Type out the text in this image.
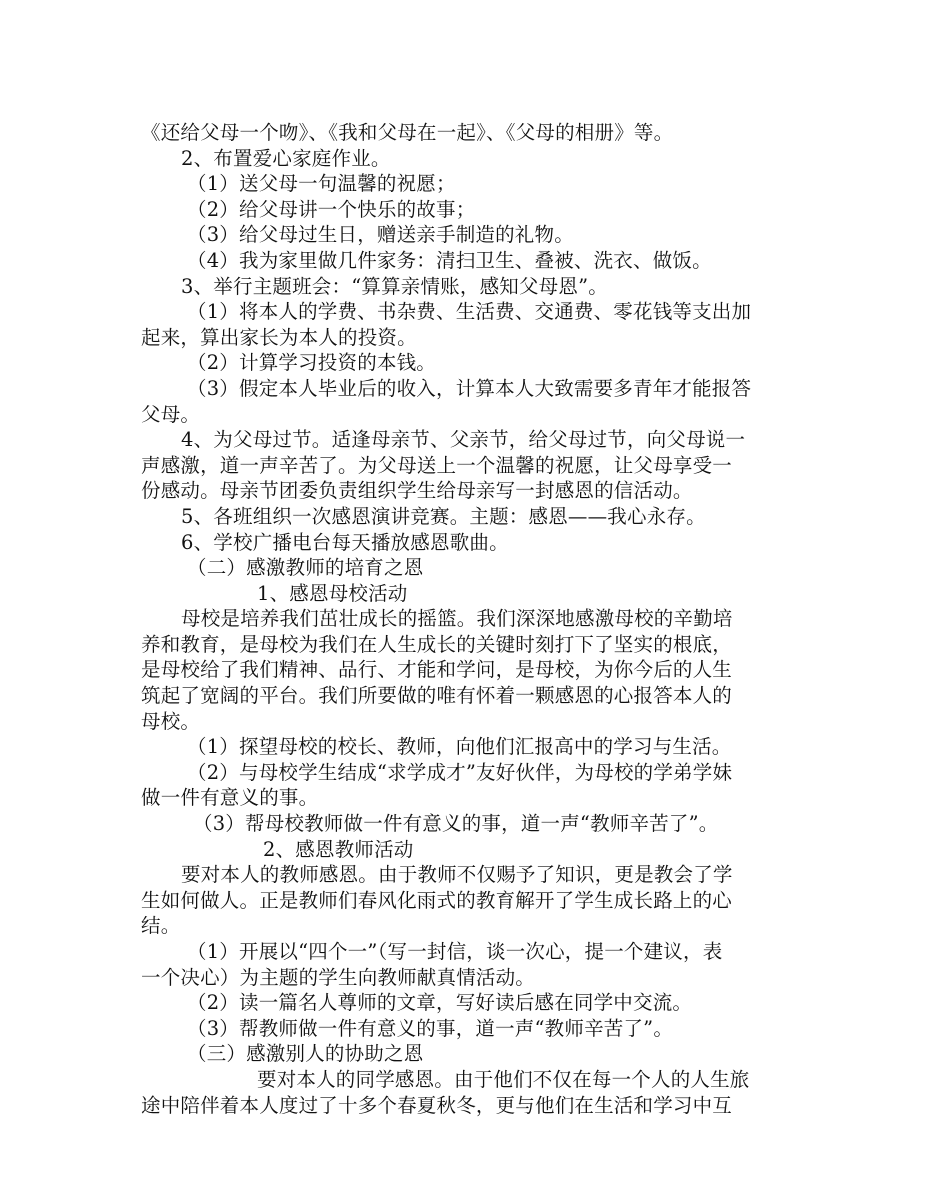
《还给父母一个吻》、《我和父母在一起》、《父母的相册》等。
2、布置爱心家庭作业。
（1）送父母一句温馨的祝愿；
（2）给父母讲一个快乐的故事；
（3）给父母过生日，赠送亲手制造的礼物。
（4）我为家里做几件家务：清扫卫生、叠被、洗衣、做饭。
3、举行主题班会：“算算亲情账，感知父母恩”。
（1）将本人的学费、书杂费、生活费、交通费、零花钱等支出加
起来，算出家长为本人的投资。
（2）计算学习投资的本钱。
（3）假定本人毕业后的收入，计算本人大致需要多青年才能报答
父母。
4、为父母过节。适逢母亲节、父亲节，给父母过节，向父母说一
声感激，道一声辛苦了。为父母送上一个温馨的祝愿，让父母享受一
份感动。母亲节团委负责组织学生给母亲写一封感恩的信活动。
5、各班组织一次感恩演讲竞赛。主题：感恩——我心永存。
6、学校广播电台每天播放感恩歌曲。
（二）感激教师的培育之恩
1、感恩母校活动
母校是培养我们茁壮成长的摇篮。我们深深地感激母校的辛勤培
养和教育，是母校为我们在人生成长的关键时刻打下了坚实的根底，
是母校给了我们精神、品行、才能和学问，是母校，为你今后的人生
筑起了宽阔的平台。我们所要做的唯有怀着一颗感恩的心报答本人的
母校。
（1）探望母校的校长、教师，向他们汇报高中的学习与生活。
（2）与母校学生结成“求学成才”友好伙伴，为母校的学弟学妹
做一件有意义的事。
（3）帮母校教师做一件有意义的事，道一声“教师辛苦了”。
2、感恩教师活动
要对本人的教师感恩。由于教师不仅赐予了知识，更是教会了学
生如何做人。正是教师们春风化雨式的教育解开了学生成长路上的心
结。
（1）开展以“四个一”（写一封信，谈一次心，提一个建议，表
一个决心）为主题的学生向教师献真情活动。
（2）读一篇名人尊师的文章，写好读后感在同学中交流。
（3）帮教师做一件有意义的事，道一声“教师辛苦了”。
（三）感激别人的协助之恩
要对本人的同学感恩。由于他们不仅在每一个人的人生旅
途中陪伴着本人度过了十多个春夏秋冬，更与他们在生活和学习中互
